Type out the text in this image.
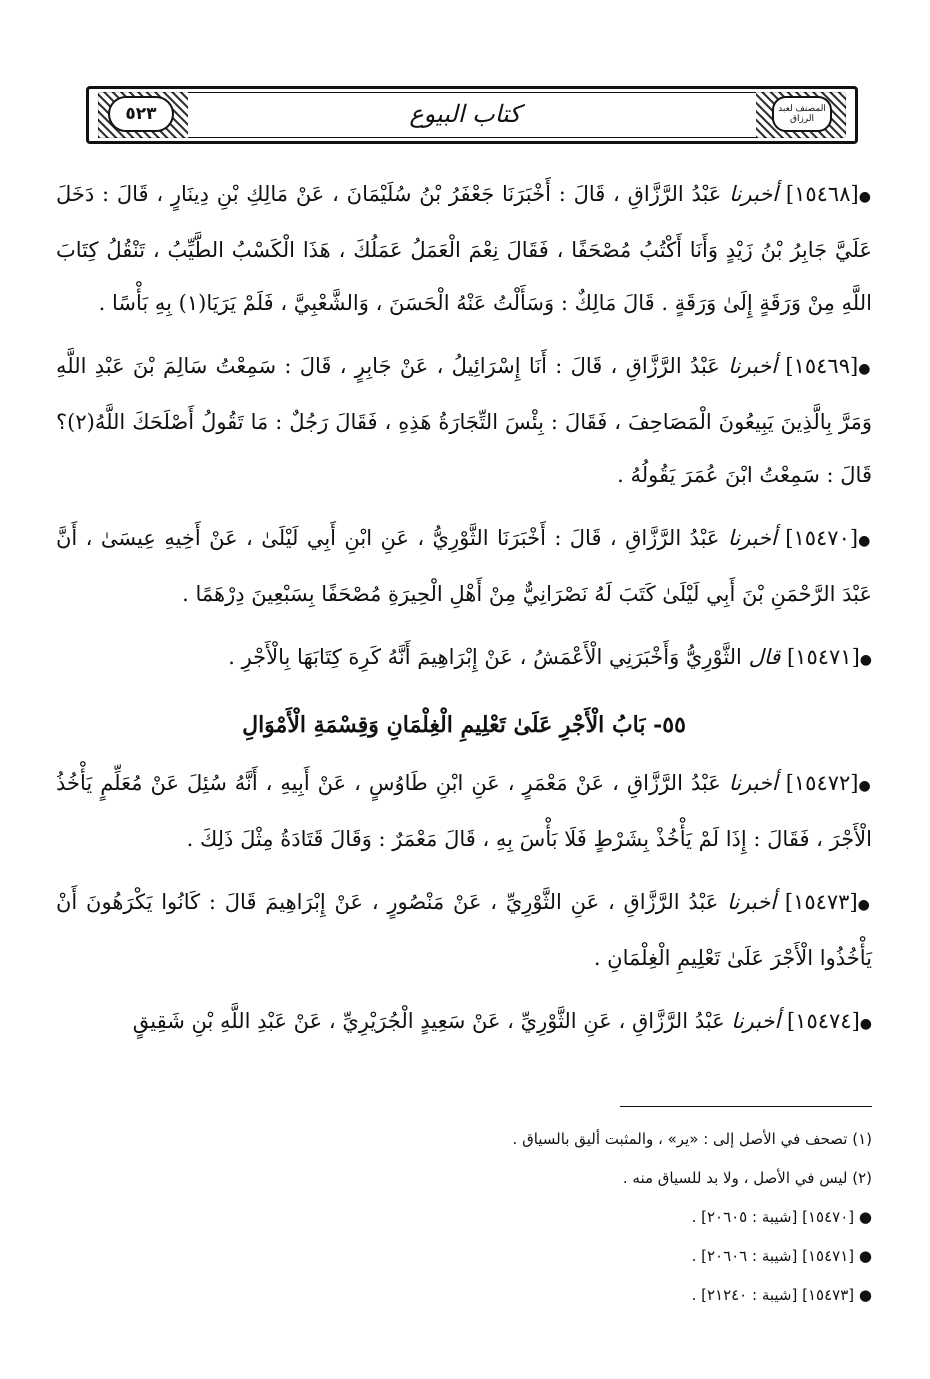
٥٢٣	المصنف لعبد الرزاق
كتاب البيوع

●[١٥٤٦٨] أخبرنا عَبْدُ الرَّزَّاقِ ، قَالَ : أَخْبَرَنَا جَعْفَرُ بْنُ سُلَيْمَانَ ، عَنْ مَالِكِ بْنِ دِينَارٍ ، قَالَ : دَخَلَ عَلَيَّ جَابِرُ بْنُ زَيْدٍ وَأَنَا أَكْتُبُ مُصْحَفًا ، فَقَالَ نِعْمَ الْعَمَلُ عَمَلُكَ ، هَذَا الْكَسْبُ الطَّيِّبُ ، تَنْقُلُ كِتَابَ اللَّهِ مِنْ وَرَقَةٍ إِلَىٰ وَرَقَةٍ . قَالَ مَالِكٌ : وَسَأَلْتُ عَنْهُ الْحَسَنَ ، وَالشَّعْبِيَّ ، فَلَمْ يَرَيَا(١) بِهِ بَأْسًا .

●[١٥٤٦٩] أخبرنا عَبْدُ الرَّزَّاقِ ، قَالَ : أَنَا إِسْرَائِيلُ ، عَنْ جَابِرٍ ، قَالَ : سَمِعْتُ سَالِمَ بْنَ عَبْدِ اللَّهِ وَمَرَّ بِالَّذِينَ يَبِيعُونَ الْمَصَاحِفَ ، فَقَالَ : بِئْسَ التِّجَارَةُ هَذِهِ ، فَقَالَ رَجُلٌ : مَا تَقُولُ أَصْلَحَكَ اللَّهُ(٢)؟ قَالَ : سَمِعْتُ ابْنَ عُمَرَ يَقُولُهُ .

●[١٥٤٧٠] أخبرنا عَبْدُ الرَّزَّاقِ ، قَالَ : أَخْبَرَنَا الثَّوْرِيُّ ، عَنِ ابْنِ أَبِي لَيْلَىٰ ، عَنْ أَخِيهِ عِيسَىٰ ، أَنَّ عَبْدَ الرَّحْمَنِ بْنَ أَبِي لَيْلَىٰ كَتَبَ لَهُ نَصْرَانِيٌّ مِنْ أَهْلِ الْحِيرَةِ مُصْحَفًا بِسَبْعِينَ دِرْهَمًا .

●[١٥٤٧١] قال الثَّوْرِيُّ وَأَخْبَرَنِي الْأَعْمَشُ ، عَنْ إِبْرَاهِيمَ أَنَّهُ كَرِهَ كِتَابَهَا بِالْأَجْرِ .

٥٥- بَابُ الْأَجْرِ عَلَىٰ تَعْلِيمِ الْغِلْمَانِ وَقِسْمَةِ الْأَمْوَالِ

●[١٥٤٧٢] أخبرنا عَبْدُ الرَّزَّاقِ ، عَنْ مَعْمَرٍ ، عَنِ ابْنِ طَاوُسٍ ، عَنْ أَبِيهِ ، أَنَّهُ سُئِلَ عَنْ مُعَلِّمٍ يَأْخُذُ الْأَجْرَ ، فَقَالَ : إِذَا لَمْ يَأْخُذْ بِشَرْطٍ فَلَا بَأْسَ بِهِ ، قَالَ مَعْمَرٌ : وَقَالَ قَتَادَةُ مِثْلَ ذَلِكَ .

●[١٥٤٧٣] أخبرنا عَبْدُ الرَّزَّاقِ ، عَنِ الثَّوْرِيِّ ، عَنْ مَنْصُورٍ ، عَنْ إِبْرَاهِيمَ قَالَ : كَانُوا يَكْرَهُونَ أَنْ يَأْخُذُوا الْأَجْرَ عَلَىٰ تَعْلِيمِ الْغِلْمَانِ .

●[١٥٤٧٤] أخبرنا عَبْدُ الرَّزَّاقِ ، عَنِ الثَّوْرِيِّ ، عَنْ سَعِيدٍ الْجُرَيْرِيِّ ، عَنْ عَبْدِ اللَّهِ بْنِ شَقِيقٍ

(١) تصحف في الأصل إلى : «ير» ، والمثبت أليق بالسياق .
(٢) ليس في الأصل ، ولا بد للسياق منه .
● [١٥٤٧٠] [شيبة : ٢٠٦٠٥] .
● [١٥٤٧١] [شيبة : ٢٠٦٠٦] .
● [١٥٤٧٣] [شيبة : ٢١٢٤٠] .
